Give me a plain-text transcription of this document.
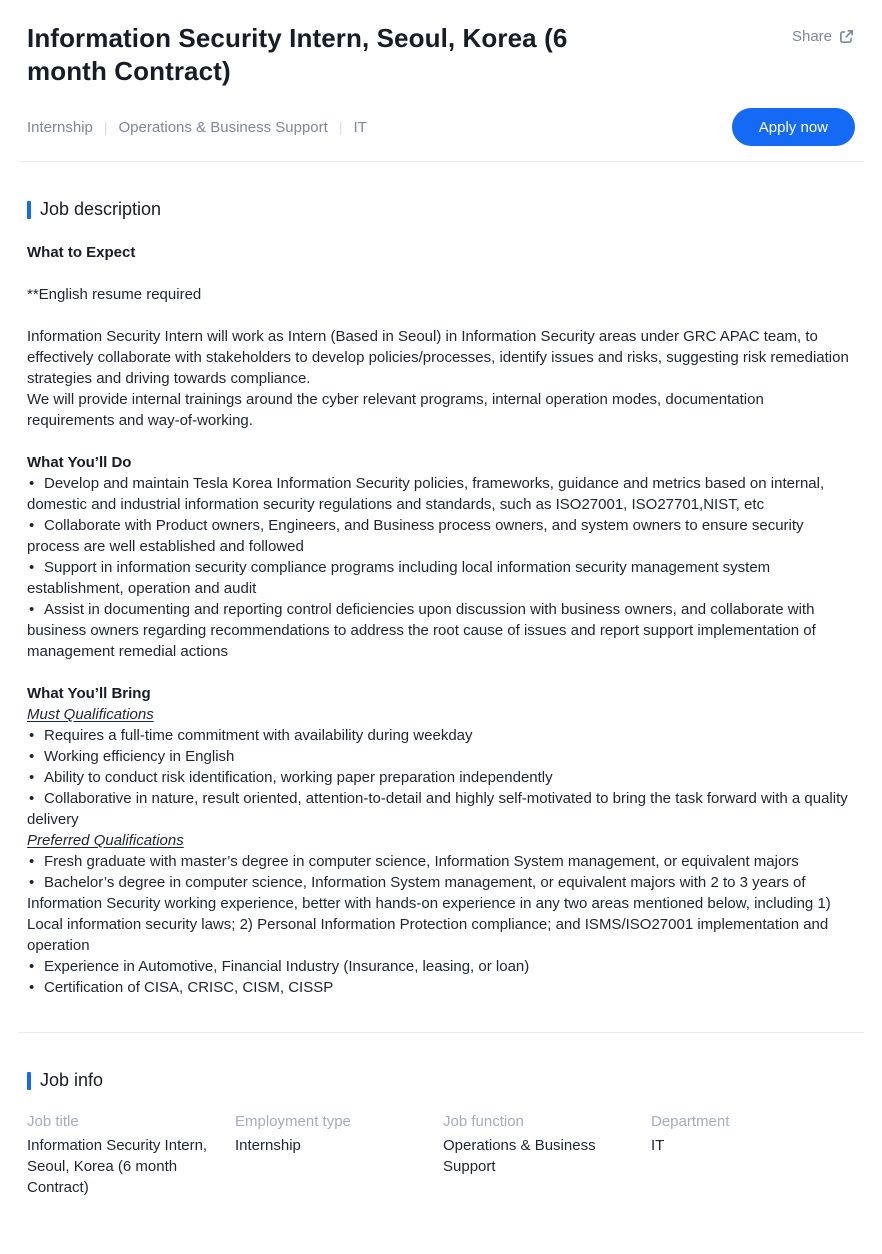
Information Security Intern, Seoul, Korea (6 month Contract)
Share
Internship | Operations & Business Support | IT	Apply now
Job description
What to Expect
**English resume required
Information Security Intern will work as Intern (Based in Seoul) in Information Security areas under GRC APAC team, to effectively collaborate with stakeholders to develop policies/processes, identify issues and risks, suggesting risk remediation strategies and driving towards compliance.
We will provide internal trainings around the cyber relevant programs, internal operation modes, documentation requirements and way-of-working.
What You’ll Do
• Develop and maintain Tesla Korea Information Security policies, frameworks, guidance and metrics based on internal, domestic and industrial information security regulations and standards, such as ISO27001, ISO27701,NIST, etc
• Collaborate with Product owners, Engineers, and Business process owners, and system owners to ensure security process are well established and followed
• Support in information security compliance programs including local information security management system establishment, operation and audit
• Assist in documenting and reporting control deficiencies upon discussion with business owners, and collaborate with business owners regarding recommendations to address the root cause of issues and report support implementation of management remedial actions
What You’ll Bring
Must Qualifications
• Requires a full-time commitment with availability during weekday
• Working efficiency in English
• Ability to conduct risk identification, working paper preparation independently
• Collaborative in nature, result oriented, attention-to-detail and highly self-motivated to bring the task forward with a quality delivery
Preferred Qualifications
• Fresh graduate with master’s degree in computer science, Information System management, or equivalent majors
• Bachelor’s degree in computer science, Information System management, or equivalent majors with 2 to 3 years of Information Security working experience, better with hands-on experience in any two areas mentioned below, including 1) Local information security laws; 2) Personal Information Protection compliance; and ISMS/ISO27001 implementation and operation
• Experience in Automotive, Financial Industry (Insurance, leasing, or loan)
• Certification of CISA, CRISC, CISM, CISSP
Job info
Job title
Information Security Intern, Seoul, Korea (6 month Contract)
Employment type
Internship
Job function
Operations & Business Support
Department
IT
